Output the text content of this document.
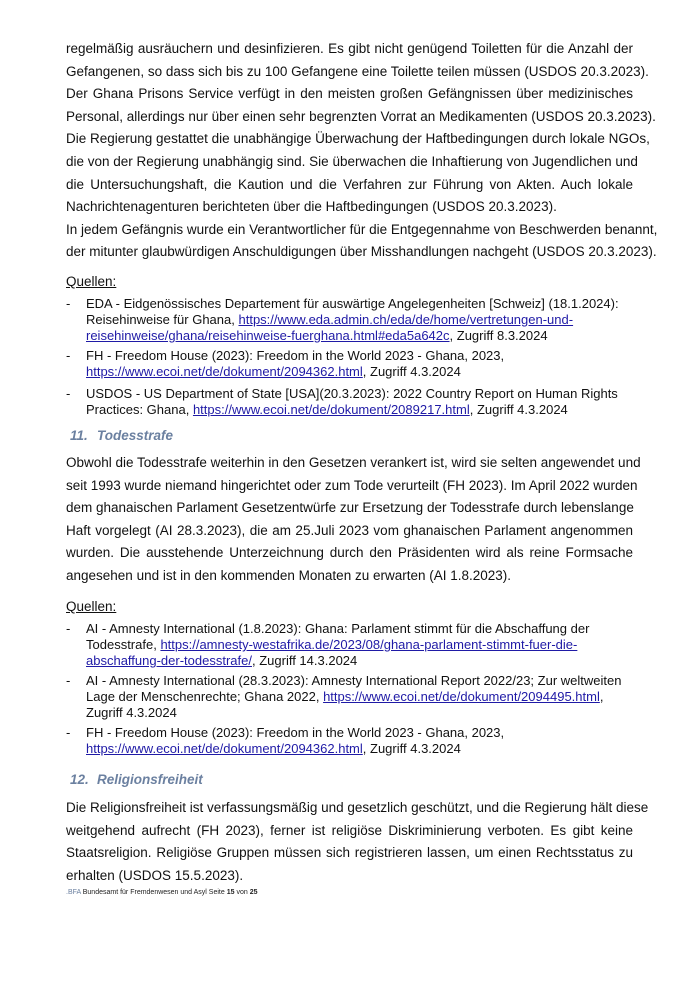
.BFA Bundesamt für Fremdenwesen und Asyl Seite 15 von 25
regelmäßig ausräuchern und desinfizieren. Es gibt nicht genügend Toiletten für die Anzahl der
Gefangenen, so dass sich bis zu 100 Gefangene eine Toilette teilen müssen (USDOS 20.3.2023).
Der Ghana Prisons Service verfügt in den meisten großen Gefängnissen über medizinisches
Personal, allerdings nur über einen sehr begrenzten Vorrat an Medikamenten (USDOS 20.3.2023).
Die Regierung gestattet die unabhängige Überwachung der Haftbedingungen durch lokale NGOs,
die von der Regierung unabhängig sind. Sie überwachen die Inhaftierung von Jugendlichen und
die Untersuchungshaft, die Kaution und die Verfahren zur Führung von Akten. Auch lokale
Nachrichtenagenturen berichteten über die Haftbedingungen (USDOS 20.3.2023).
In jedem Gefängnis wurde ein Verantwortlicher für die Entgegennahme von Beschwerden benannt,
der mitunter glaubwürdigen Anschuldigungen über Misshandlungen nachgeht (USDOS 20.3.2023).
Quellen:
-	EDA - Eidgenössisches Departement für auswärtige Angelegenheiten [Schweiz] (18.1.2024):
Reisehinweise für Ghana, https://www.eda.admin.ch/eda/de/home/vertretungen-und-
reisehinweise/ghana/reisehinweise-fuerghana.html#eda5a642c, Zugriff 8.3.2024
-	FH - Freedom House (2023): Freedom in the World 2023 - Ghana, 2023,
https://www.ecoi.net/de/dokument/2094362.html, Zugriff 4.3.2024
-	USDOS - US Department of State [USA](20.3.2023): 2022 Country Report on Human Rights
Practices: Ghana, https://www.ecoi.net/de/dokument/2089217.html, Zugriff 4.3.2024
11. Todesstrafe
Obwohl die Todesstrafe weiterhin in den Gesetzen verankert ist, wird sie selten angewendet und
seit 1993 wurde niemand hingerichtet oder zum Tode verurteilt (FH 2023). Im April 2022 wurden
dem ghanaischen Parlament Gesetzentwürfe zur Ersetzung der Todesstrafe durch lebenslange
Haft vorgelegt (AI 28.3.2023), die am 25.Juli 2023 vom ghanaischen Parlament angenommen
wurden. Die ausstehende Unterzeichnung durch den Präsidenten wird als reine Formsache
angesehen und ist in den kommenden Monaten zu erwarten (AI 1.8.2023).
Quellen:
-	AI - Amnesty International (1.8.2023): Ghana: Parlament stimmt für die Abschaffung der
Todesstrafe, https://amnesty-westafrika.de/2023/08/ghana-parlament-stimmt-fuer-die-
abschaffung-der-todesstrafe/, Zugriff 14.3.2024
-	AI - Amnesty International (28.3.2023): Amnesty International Report 2022/23; Zur weltweiten
Lage der Menschenrechte; Ghana 2022, https://www.ecoi.net/de/dokument/2094495.html,
Zugriff 4.3.2024
-	FH - Freedom House (2023): Freedom in the World 2023 - Ghana, 2023,
https://www.ecoi.net/de/dokument/2094362.html, Zugriff 4.3.2024
12. Religionsfreiheit
Die Religionsfreiheit ist verfassungsmäßig und gesetzlich geschützt, und die Regierung hält diese
weitgehend aufrecht (FH 2023), ferner ist religiöse Diskriminierung verboten. Es gibt keine
Staatsreligion. Religiöse Gruppen müssen sich registrieren lassen, um einen Rechtsstatus zu
erhalten (USDOS 15.5.2023).
